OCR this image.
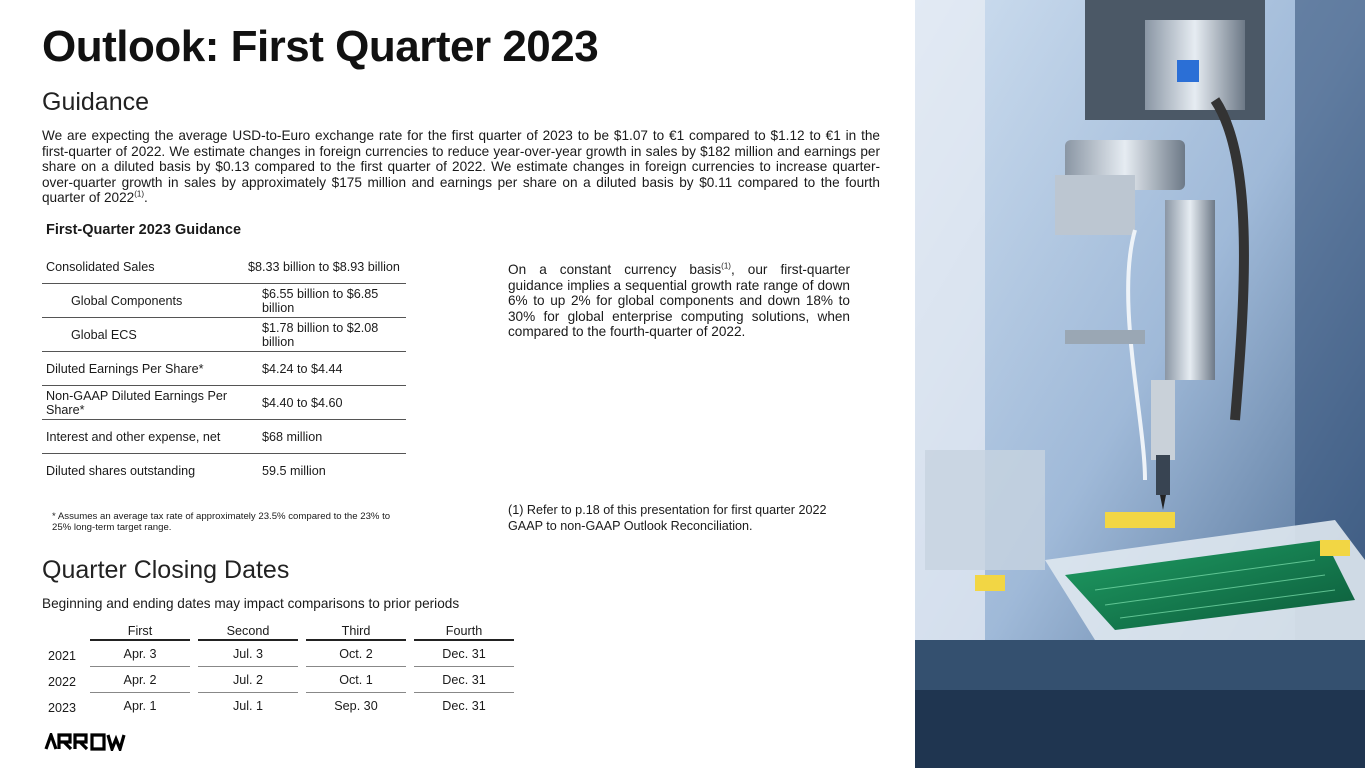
Outlook: First Quarter 2023
Guidance

We are expecting the average USD-to-Euro exchange rate for the first quarter of 2023 to be $1.07 to €1 compared to $1.12 to €1 in the first-quarter of 2022. We estimate changes in foreign currencies to reduce year-over-year growth in sales by $182 million and earnings per share on a diluted basis by $0.13 compared to the first quarter of 2022. We estimate changes in foreign currencies to increase quarter-over-quarter growth in sales by approximately $175 million and earnings per share on a diluted basis by $0.11 compared to the fourth quarter of 2022$^{(1)}$.

First-Quarter 2023 Guidance

Consolidated Sales	$8.33 billion to $8.93 billion
Global Components	$6.55 billion to $6.85 billion
Global ECS	$1.78 billion to $2.08 billion
Diluted Earnings Per Share*	$4.24 to $4.44
Non-GAAP Diluted Earnings Per Share*	$4.40 to $4.60
Interest and other expense, net	$68 million
Diluted shares outstanding	59.5 million

* Assumes an average tax rate of approximately 23.5% compared to the 23% to 25% long-term target range.

On a constant currency basis$^{(1)}$, our first-quarter guidance implies a sequential growth rate range of down 6% to up 2% for global components and down 18% to 30% for global enterprise computing solutions, when compared to the fourth-quarter of 2022.

(1) Refer to p.18 of this presentation for first quarter 2022 GAAP to non-GAAP Outlook Reconciliation.

Quarter Closing Dates

Beginning and ending dates may impact comparisons to prior periods

	First	Second	Third	Fourth
2021	Apr. 3	Jul. 3	Oct. 2	Dec. 31
2022	Apr. 2	Jul. 2	Oct. 1	Dec. 31
2023	Apr. 1	Jul. 1	Sep. 30	Dec. 31
